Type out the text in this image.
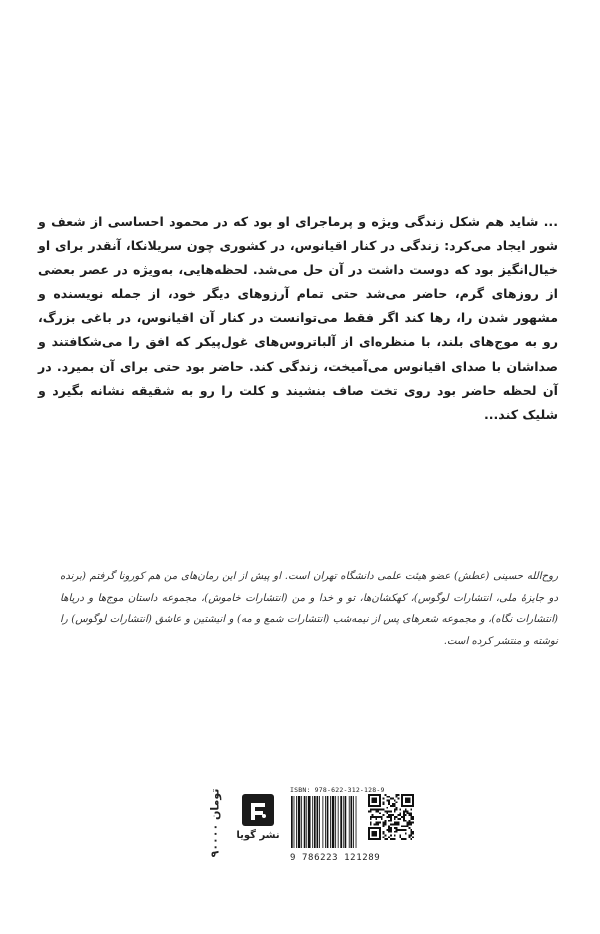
... شاید هم شکل زندگی ویژه و پرماجرای او بود که در محمود احساسی از شعف و شور ایجاد می‌کرد: زندگی در کنار اقیانوس، در کشوری چون سریلانکا، آنقدر برای او خیال‌انگیز بود که دوست داشت در آن حل می‌شد. لحظه‌هایی، به‌ویژه در عصر بعضی از روزهای گرم، حاضر می‌شد حتی تمام آرزوهای دیگر خود، از جمله نویسنده و مشهور شدن را، رها کند اگر فقط می‌توانست در کنار آن اقیانوس، در باغی بزرگ، رو به موج‌های بلند، با منظره‌ای از آلباتروس‌های غول‌پیکر که افق را می‌شکافتند و صداشان با صدای اقیانوس می‌آمیخت، زندگی کند. حاضر بود حتی برای آن بمیرد. در آن لحظه حاضر بود روی تخت صاف بنشیند و کلت را رو به شقیقه نشانه بگیرد و شلیک کند...
روح‌الله حسینی (عطش) عضو هیئت علمی دانشگاه تهران است. او پیش از این رمان‌های من هم کورونا گرفتم (برنده دو جایزهٔ ملی، انتشارات لوگوس)، کهکشان‌ها، تو و خدا و من (انتشارات خاموش)، مجموعه داستان موج‌ها و دریاها (انتشارات نگاه)، و مجموعه شعرهای پس از نیمه‌شب (انتشارات شمع و مه) و انیشتین و عاشق (انتشارات لوگوس) را نوشته و منتشر کرده است.
۹۰۰۰۰ تومان
نشر گویا
ISBN: 978-622-312-128-9
9 786223 121289
